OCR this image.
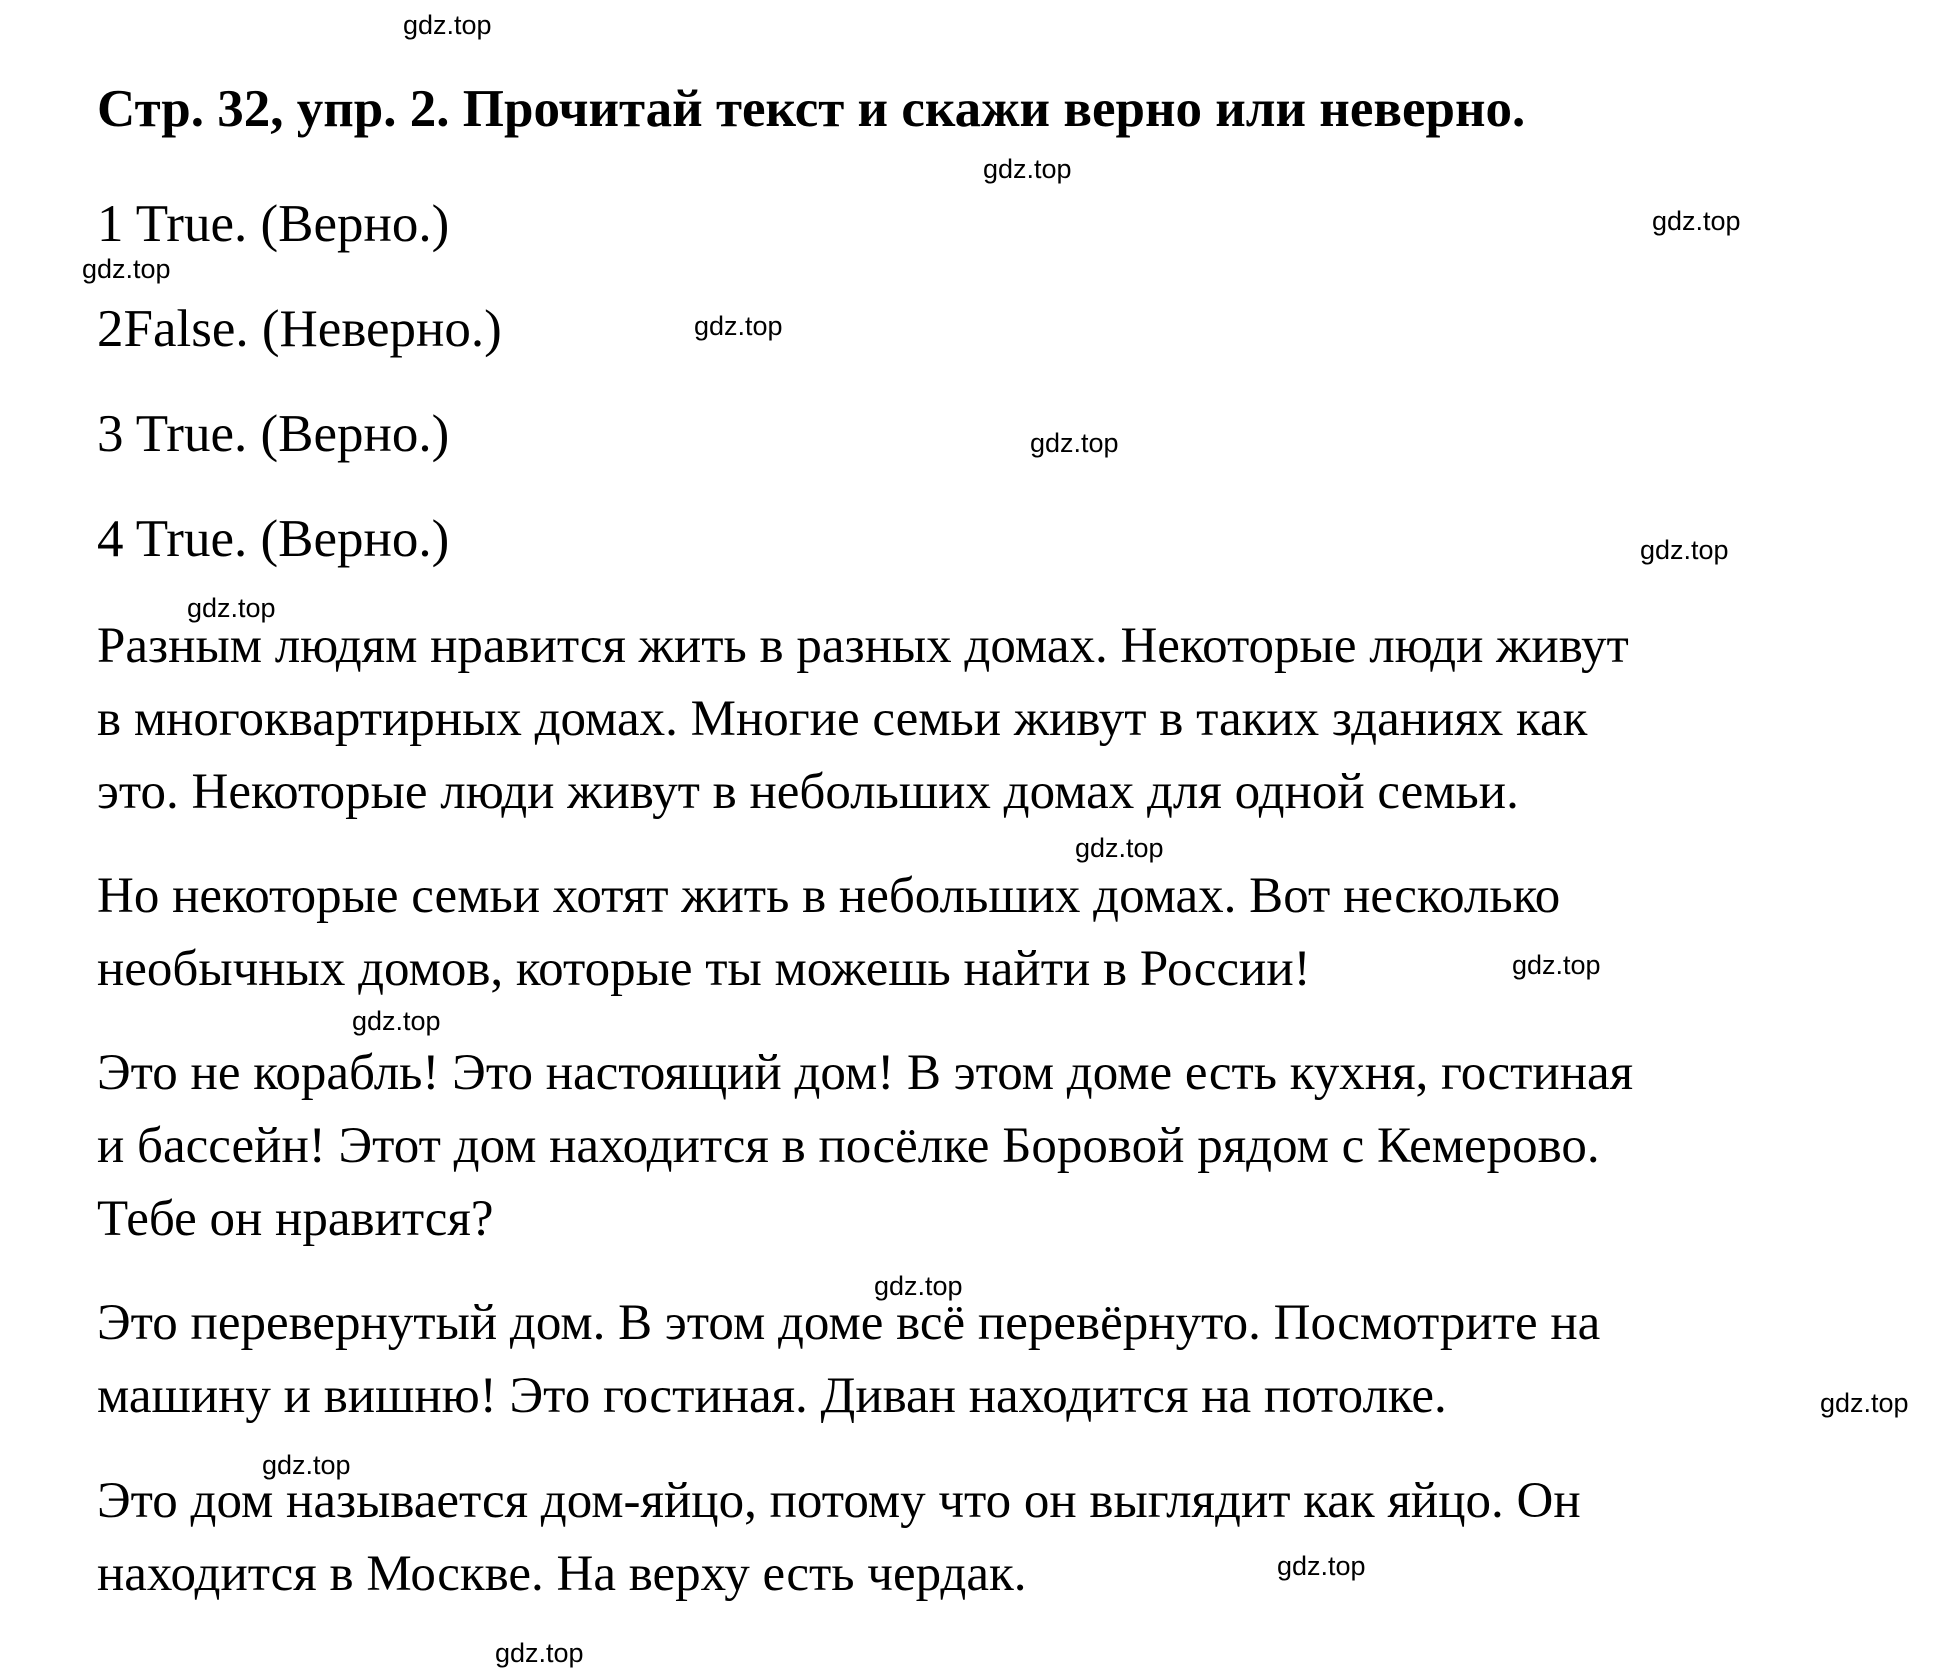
Стр. 32, упр. 2. Прочитай текст и скажи верно или неверно.
1 True. (Верно.)
2False. (Неверно.)
3 True. (Верно.)
4 True. (Верно.)
Разным людям нравится жить в разных домах. Некоторые люди живут
в многоквартирных домах. Многие семьи живут в таких зданиях как
это. Некоторые люди живут в небольших домах для одной семьи.
Но некоторые семьи хотят жить в небольших домах. Вот несколько
необычных домов, которые ты можешь найти в России!
Это не корабль! Это настоящий дом! В этом доме есть кухня, гостиная
и бассейн! Этот дом находится в посёлке Боровой рядом с Кемерово.
Тебе он нравится?
Это перевернутый дом. В этом доме всё перевёрнуто. Посмотрите на
машину и вишню! Это гостиная. Диван находится на потолке.
Это дом называется дом-яйцо, потому что он выглядит как яйцо. Он
находится в Москве. На верху есть чердак.
gdz.top
gdz.top
gdz.top
gdz.top
gdz.top
gdz.top
gdz.top
gdz.top
gdz.top
gdz.top
gdz.top
gdz.top
gdz.top
gdz.top
gdz.top
gdz.top
